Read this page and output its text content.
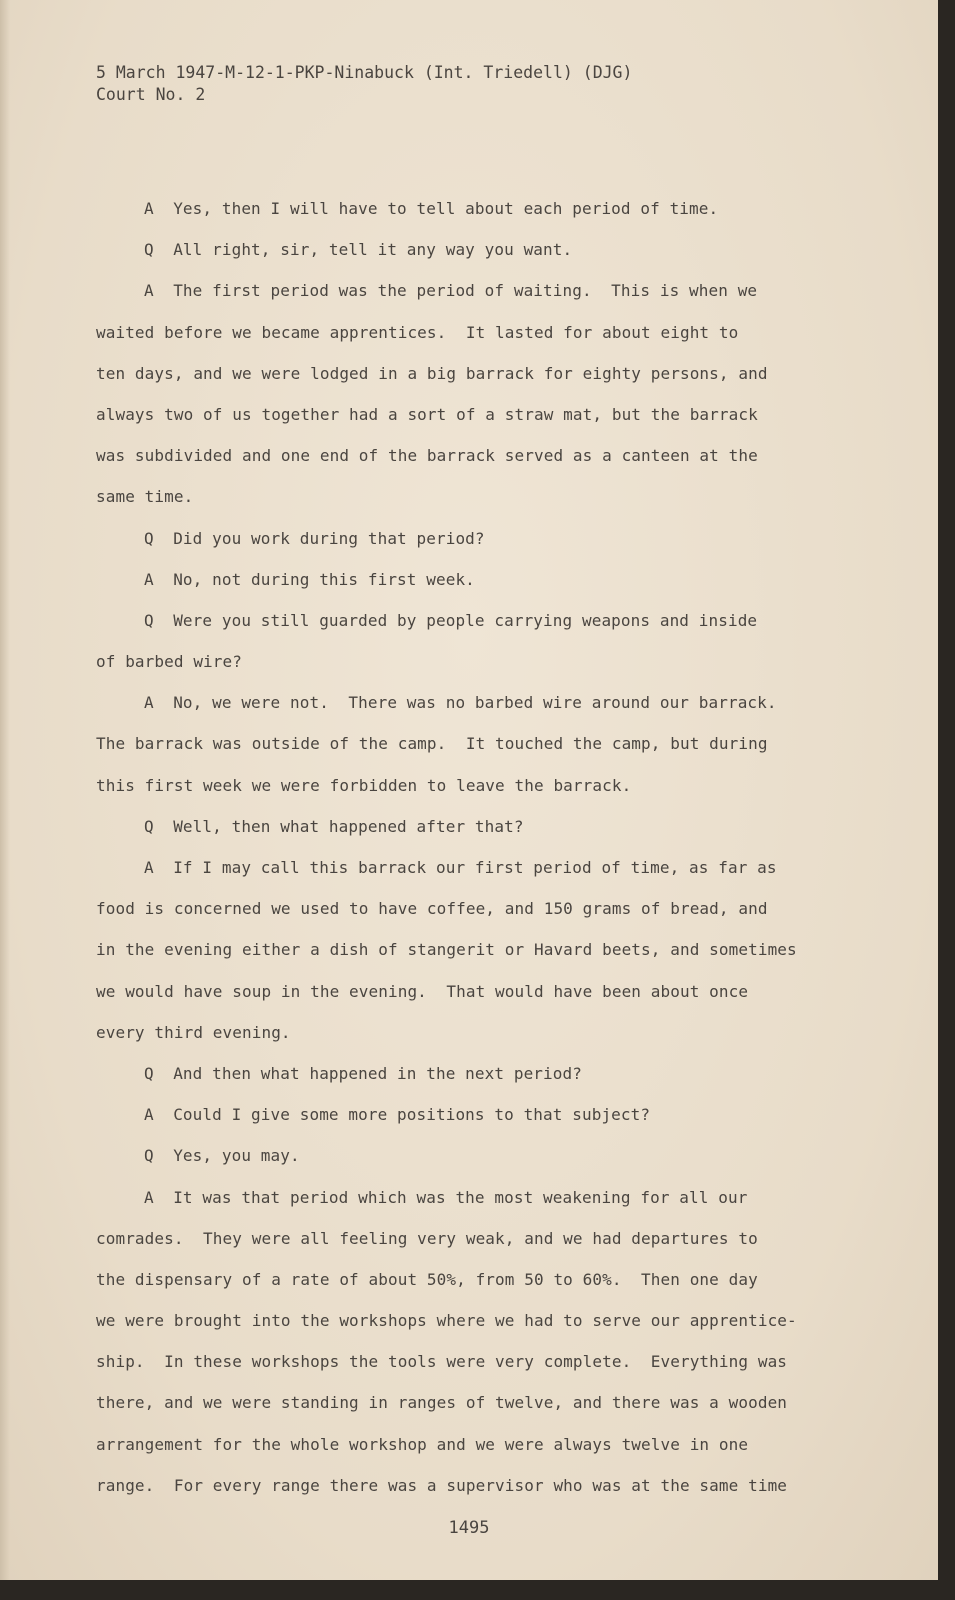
5 March 1947-M-12-1-PKP-Ninabuck (Int. Triedell) (DJG)

Court No. 2

A  Yes, then I will have to tell about each period of time.

Q  All right, sir, tell it any way you want.

A  The first period was the period of waiting.  This is when we

waited before we became apprentices.  It lasted for about eight to

ten days, and we were lodged in a big barrack for eighty persons, and

always two of us together had a sort of a straw mat, but the barrack

was subdivided and one end of the barrack served as a canteen at the

same time.

Q  Did you work during that period?

A  No, not during this first week.

Q  Were you still guarded by people carrying weapons and inside

of barbed wire?

A  No, we were not.  There was no barbed wire around our barrack.

The barrack was outside of the camp.  It touched the camp, but during

this first week we were forbidden to leave the barrack.

Q  Well, then what happened after that?

A  If I may call this barrack our first period of time, as far as

food is concerned we used to have coffee, and 150 grams of bread, and

in the evening either a dish of stangerit or Havard beets, and sometimes

we would have soup in the evening.  That would have been about once

every third evening.

Q  And then what happened in the next period?

A  Could I give some more positions to that subject?

Q  Yes, you may.

A  It was that period which was the most weakening for all our

comrades.  They were all feeling very weak, and we had departures to

the dispensary of a rate of about 50%, from 50 to 60%.  Then one day

we were brought into the workshops where we had to serve our apprentice-

ship.  In these workshops the tools were very complete.  Everything was

there, and we were standing in ranges of twelve, and there was a wooden

arrangement for the whole workshop and we were always twelve in one

range.  For every range there was a supervisor who was at the same time

1495
